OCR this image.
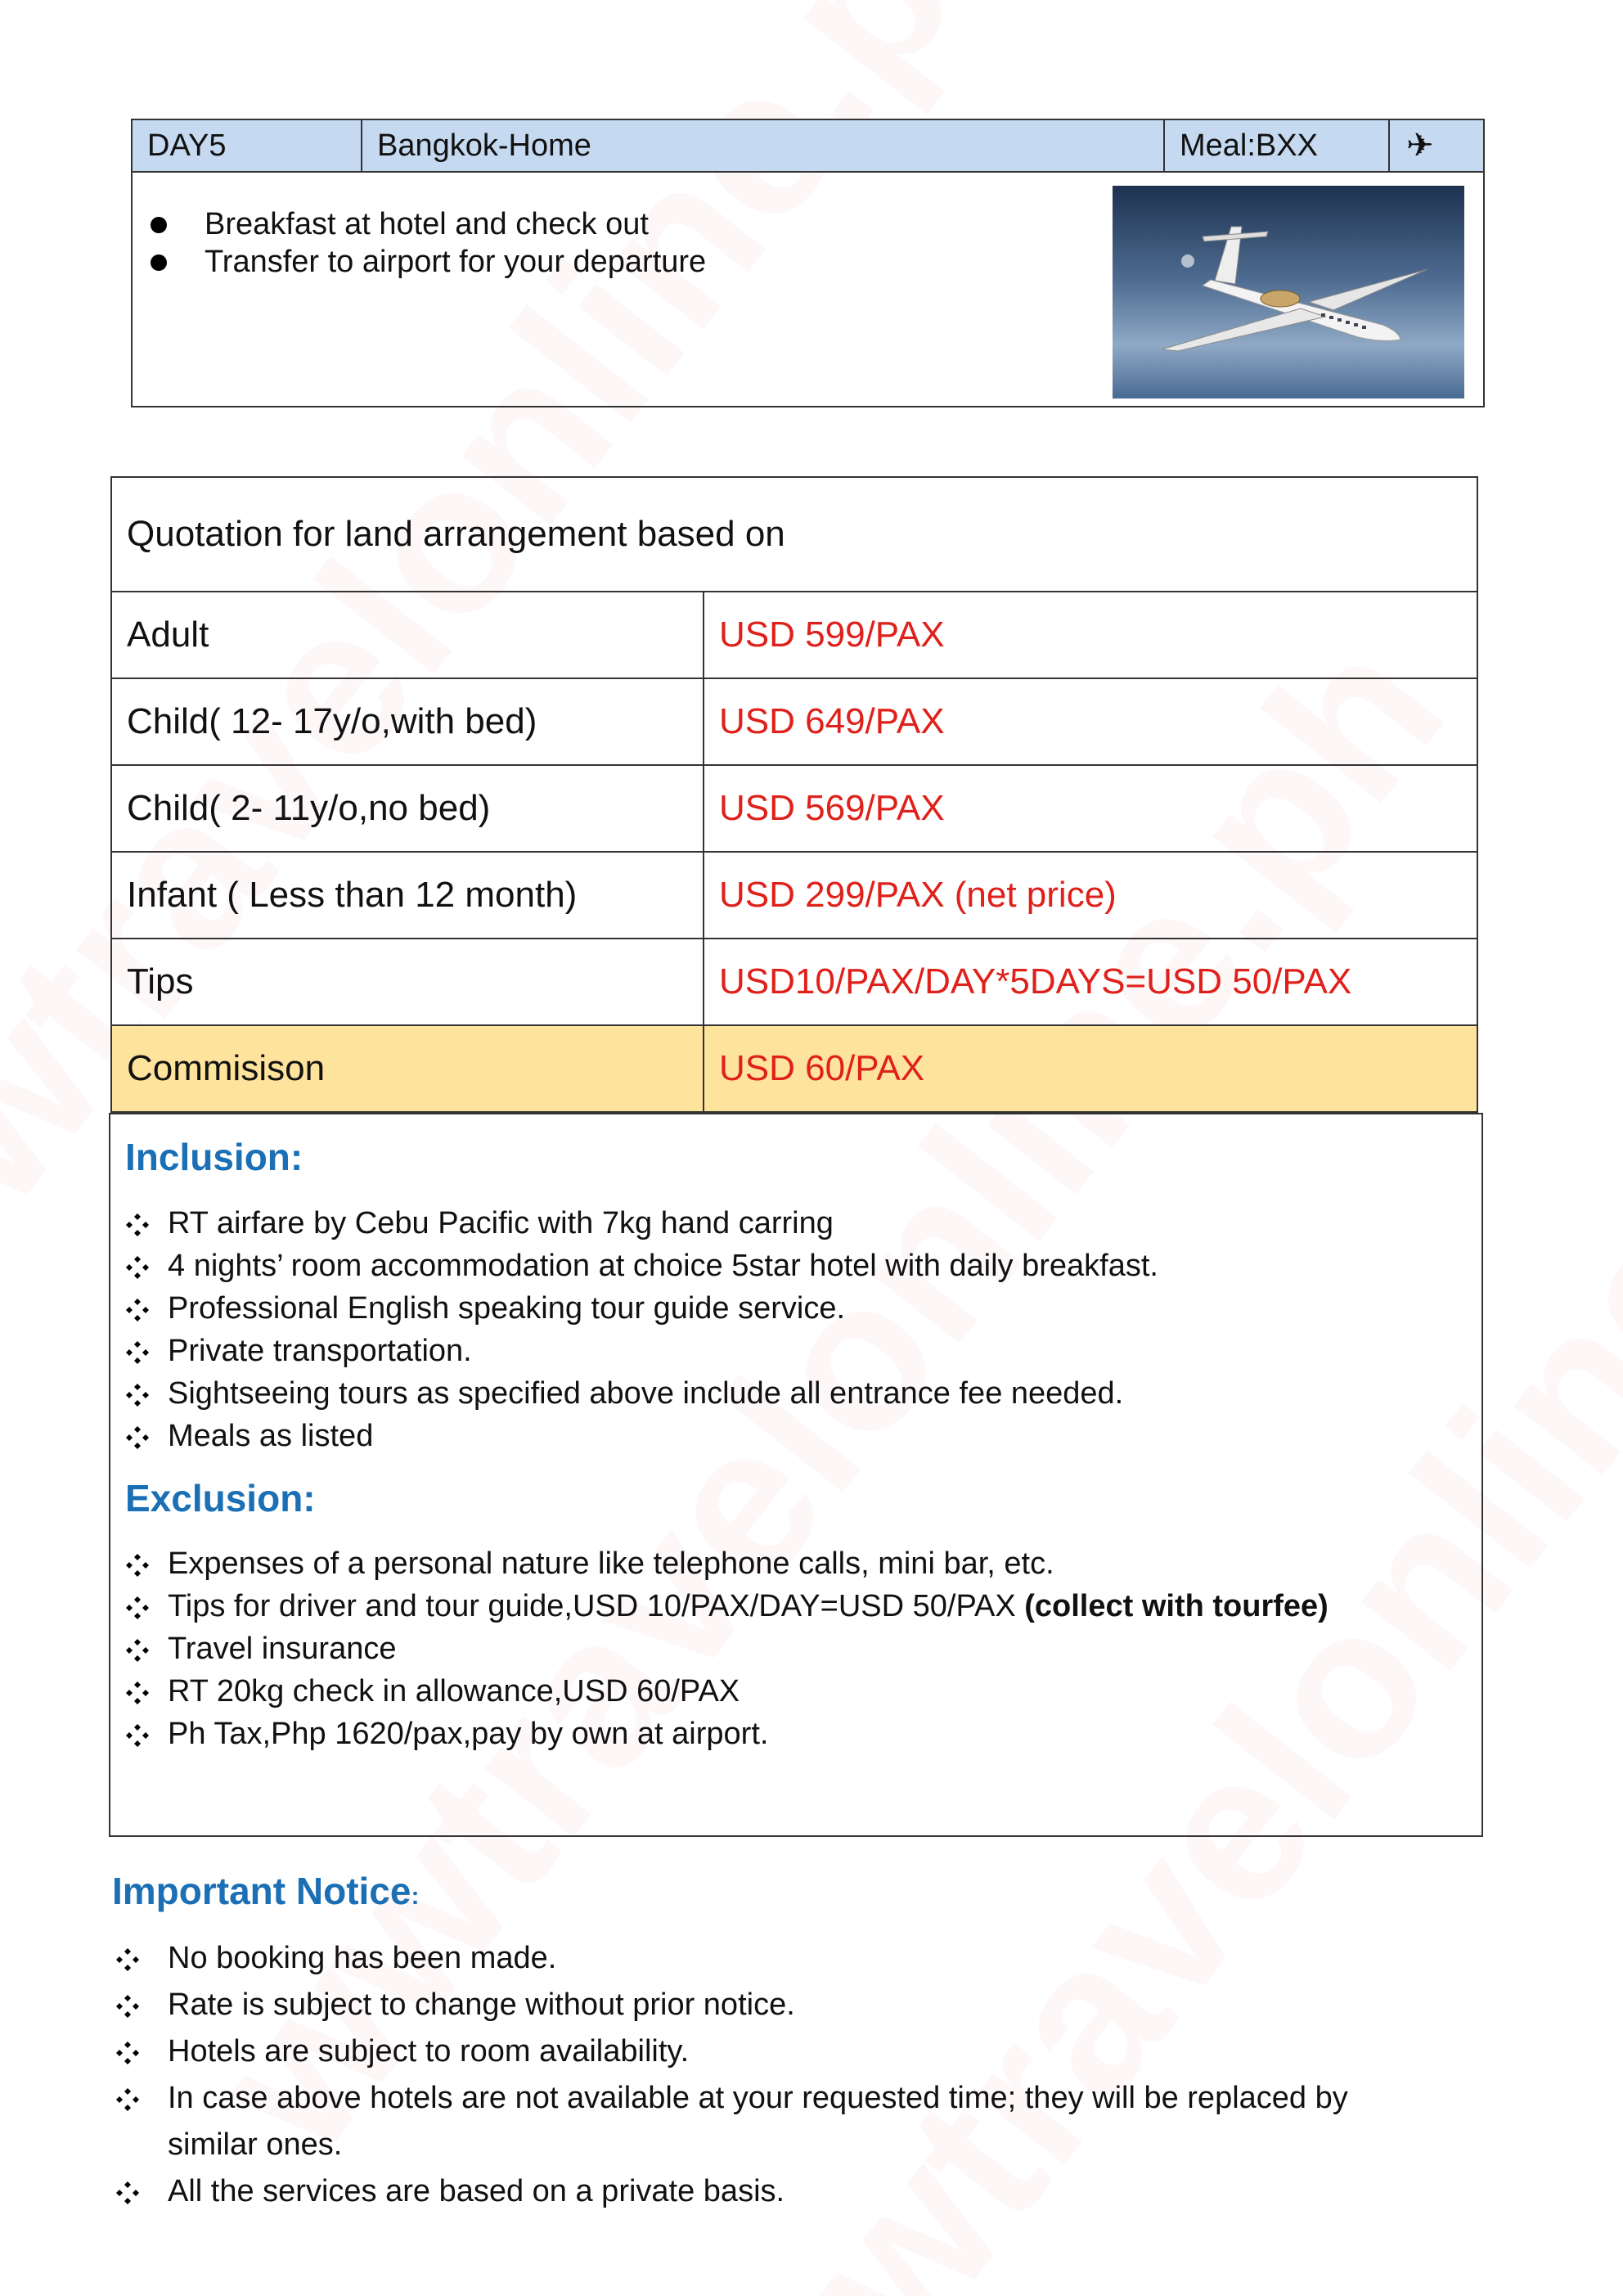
DAY5	Bangkok-Home	Meal:BXX	✈
Breakfast at hotel and check out
Transfer to airport for your departure
Quotation for land arrangement based on
Adult	USD 599/PAX
Child( 12- 17y/o,with bed)	USD 649/PAX
Child( 2- 11y/o,no bed)	USD 569/PAX
Infant ( Less than 12 month)	USD 299/PAX (net price)
Tips	USD10/PAX/DAY*5DAYS=USD 50/PAX
Commisison	USD 60/PAX
Inclusion:
RT airfare by Cebu Pacific with 7kg hand carring
4 nights’ room accommodation at choice 5star hotel with daily breakfast.
Professional English speaking tour guide service.
Private transportation.
Sightseeing tours as specified above include all entrance fee needed.
Meals as listed
Exclusion:
Expenses of a personal nature like telephone calls, mini bar, etc.
Tips for driver and tour guide,USD 10/PAX/DAY=USD 50/PAX (collect with tourfee)
Travel insurance
RT 20kg check in allowance,USD 60/PAX
Ph Tax,Php 1620/pax,pay by own at airport.
Important Notice:
No booking has been made.
Rate is subject to change without prior notice.
Hotels are subject to room availability.
In case above hotels are not available at your requested time; they will be replaced by
similar ones.
All the services are based on a private basis.
